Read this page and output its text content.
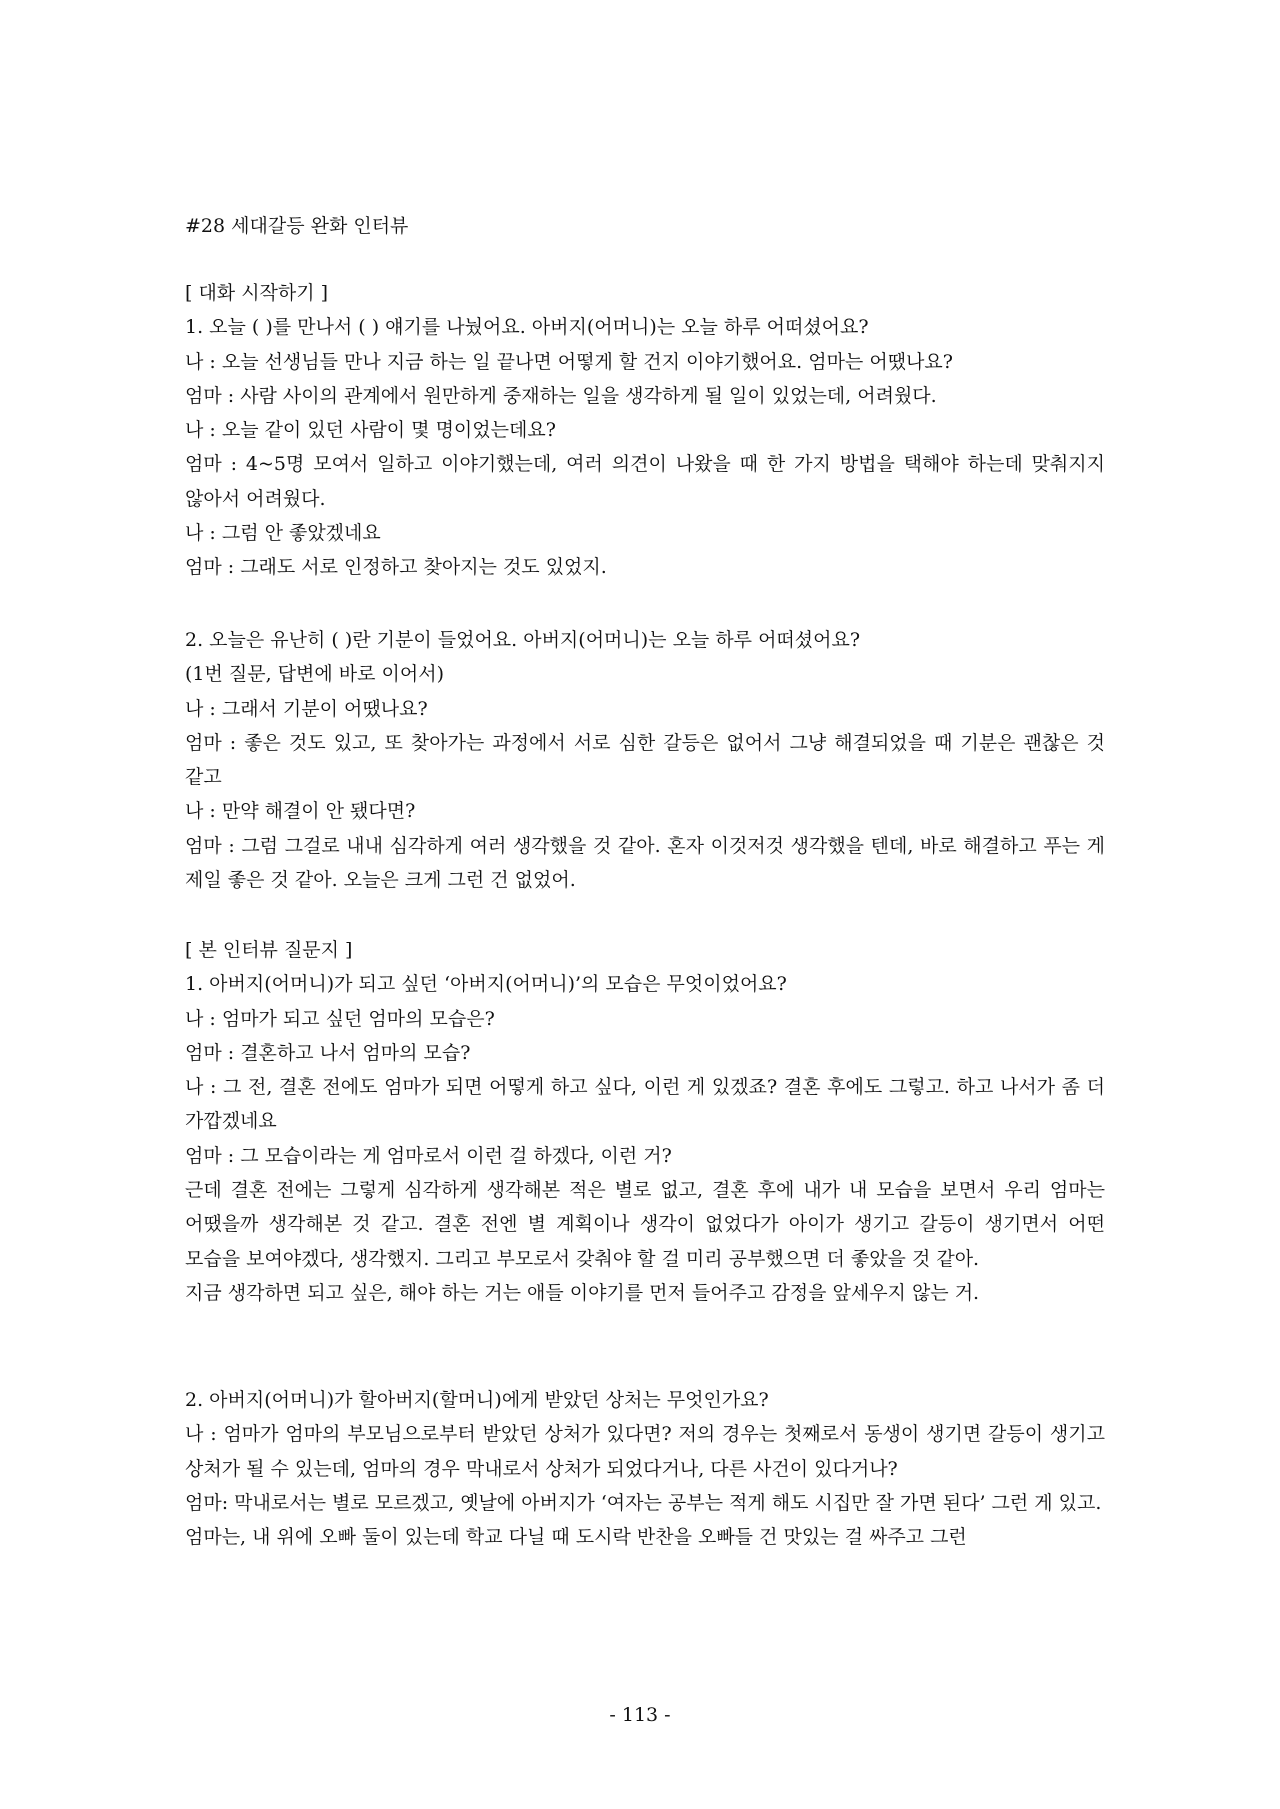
#28 세대갈등 완화 인터뷰

[ 대화 시작하기 ]

1. 오늘 ( )를 만나서 ( ) 얘기를 나눴어요. 아버지(어머니)는 오늘 하루 어떠셨어요?

나 : 오늘 선생님들 만나 지금 하는 일 끝나면 어떻게 할 건지 이야기했어요. 엄마는 어땠나요?

엄마 : 사람 사이의 관계에서 원만하게 중재하는 일을 생각하게 될 일이 있었는데, 어려웠다.

나 : 오늘 같이 있던 사람이 몇 명이었는데요?

엄마 : 4~5명 모여서 일하고 이야기했는데, 여러 의견이 나왔을 때 한 가지 방법을 택해야 하는데 맞춰지지 않아서 어려웠다.

나 : 그럼 안 좋았겠네요

엄마 : 그래도 서로 인정하고 찾아지는 것도 있었지.

2. 오늘은 유난히 ( )란 기분이 들었어요. 아버지(어머니)는 오늘 하루 어떠셨어요?

(1번 질문, 답변에 바로 이어서)

나 : 그래서 기분이 어땠나요?

엄마 : 좋은 것도 있고, 또 찾아가는 과정에서 서로 심한 갈등은 없어서 그냥 해결되었을 때 기분은 괜찮은 것 같고

나 : 만약 해결이 안 됐다면?

엄마 : 그럼 그걸로 내내 심각하게 여러 생각했을 것 같아. 혼자 이것저것 생각했을 텐데, 바로 해결하고 푸는 게 제일 좋은 것 같아. 오늘은 크게 그런 건 없었어.

[ 본 인터뷰 질문지 ]

1. 아버지(어머니)가 되고 싶던 ‘아버지(어머니)’의 모습은 무엇이었어요?

나 : 엄마가 되고 싶던 엄마의 모습은?

엄마 : 결혼하고 나서 엄마의 모습?

나 : 그 전, 결혼 전에도 엄마가 되면 어떻게 하고 싶다, 이런 게 있겠죠? 결혼 후에도 그렇고. 하고 나서가 좀 더 가깝겠네요

엄마 : 그 모습이라는 게 엄마로서 이런 걸 하겠다, 이런 거?

근데 결혼 전에는 그렇게 심각하게 생각해본 적은 별로 없고, 결혼 후에 내가 내 모습을 보면서 우리 엄마는 어땠을까 생각해본 것 같고. 결혼 전엔 별 계획이나 생각이 없었다가 아이가 생기고 갈등이 생기면서 어떤 모습을 보여야겠다, 생각했지. 그리고 부모로서 갖춰야 할 걸 미리 공부했으면 더 좋았을 것 같아.

지금 생각하면 되고 싶은, 해야 하는 거는 애들 이야기를 먼저 들어주고 감정을 앞세우지 않는 거.

2. 아버지(어머니)가 할아버지(할머니)에게 받았던 상처는 무엇인가요?

나 : 엄마가 엄마의 부모님으로부터 받았던 상처가 있다면? 저의 경우는 첫째로서 동생이 생기면 갈등이 생기고 상처가 될 수 있는데, 엄마의 경우 막내로서 상처가 되었다거나, 다른 사건이 있다거나?

엄마: 막내로서는 별로 모르겠고, 옛날에 아버지가 ‘여자는 공부는 적게 해도 시집만 잘 가면 된다’ 그런 게 있고.

엄마는, 내 위에 오빠 둘이 있는데 학교 다닐 때 도시락 반찬을 오빠들 건 맛있는 걸 싸주고 그런

- 113 -
